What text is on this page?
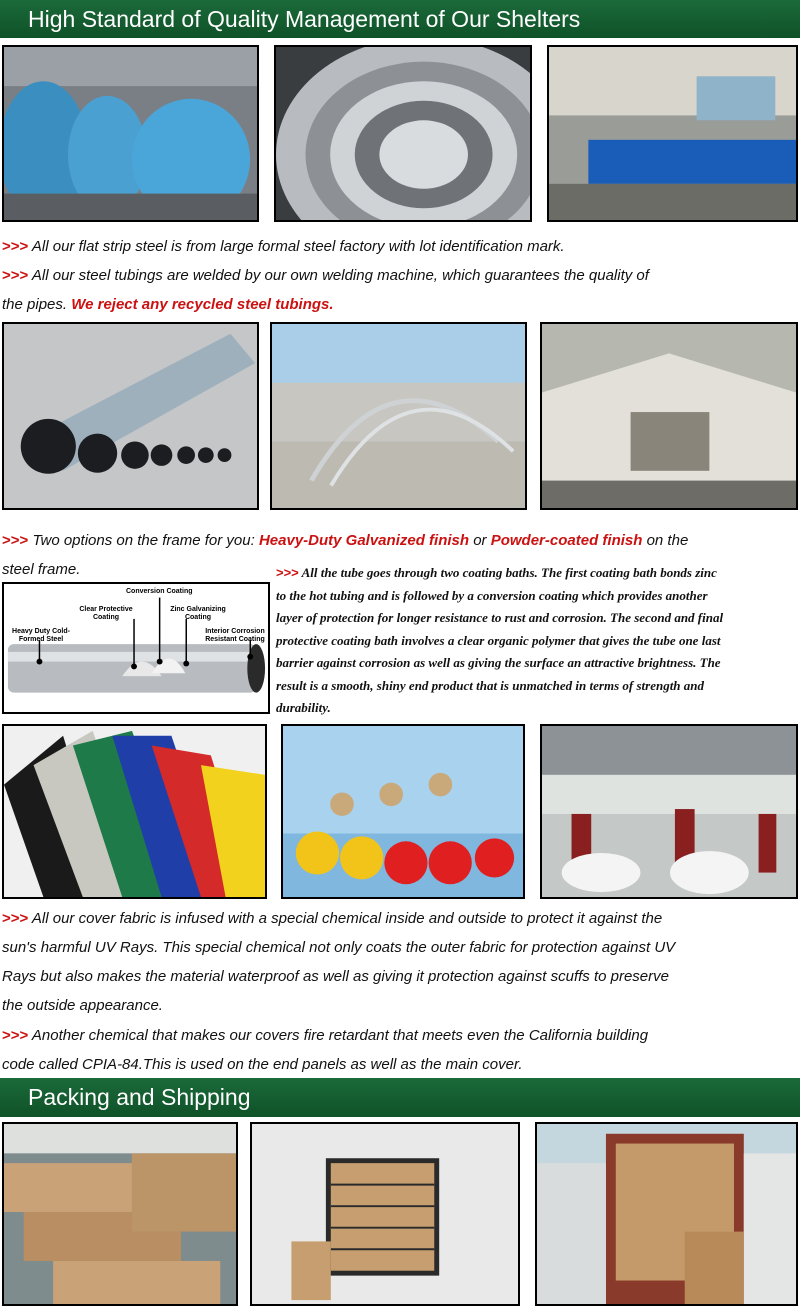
High Standard of Quality Management of Our Shelters
>>> All our flat strip steel is from large formal steel factory with lot identification mark.
>>> All our steel tubings are welded by our own welding machine, which guarantees the quality of
the pipes. We reject any recycled steel tubings.
>>> Two options on the frame for you: Heavy-Duty Galvanized finish or Powder-coated finish on the
steel frame.
Conversion Coating
Clear Protective Coating
Zinc Galvanizing Coating
Heavy Duty Cold-Formed Steel
Interior Corrosion Resistant Coating
>>> All the tube goes through two coating baths. The first coating bath bonds zinc
to the hot tubing and is followed by a conversion coating which provides another
layer of protection for longer resistance to rust and corrosion. The second and final
protective coating bath involves a clear organic polymer that gives the tube one last
barrier against corrosion as well as giving the surface an attractive brightness. The
result is a smooth, shiny end product that is unmatched in terms of strength and
durability.
>>> All our cover fabric is infused with a special chemical inside and outside to protect it against the
sun's harmful UV Rays. This special chemical not only coats the outer fabric for protection against UV
Rays but also makes the material waterproof as well as giving it protection against scuffs to preserve
the outside appearance.
>>> Another chemical that makes our covers fire retardant that meets even the California building
code called CPIA-84.This is used on the end panels as well as the main cover.
Packing and Shipping
